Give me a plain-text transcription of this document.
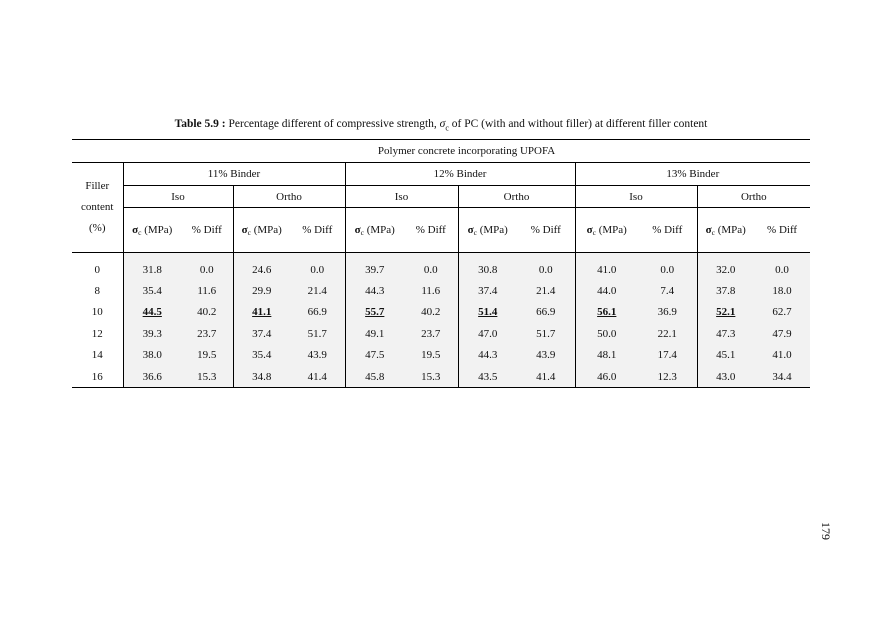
Table 5.9 : Percentage different of compressive strength, $\sigma_c$ of PC (with and without filler) at different filler content
	Polymer concrete incorporating UPOFA											

Filler
content
(%)	11% Binder				12% Binder				13% Binder			
	Iso		Ortho		Iso		Ortho		Iso		Ortho	
	$\sigma_c$ (MPa)	% Diff	$\sigma_c$ (MPa)	% Diff	$\sigma_c$ (MPa)	% Diff	$\sigma_c$ (MPa)	% Diff	$\sigma_c$ (MPa)	% Diff	$\sigma_c$ (MPa)	% Diff

0	31.8	0.0	24.6	0.0	39.7	0.0	30.8	0.0	41.0	0.0	32.0	0.0
8	35.4	11.6	29.9	21.4	44.3	11.6	37.4	21.4	44.0	7.4	37.8	18.0
10	44.5	40.2	41.1	66.9	55.7	40.2	51.4	66.9	56.1	36.9	52.1	62.7
12	39.3	23.7	37.4	51.7	49.1	23.7	47.0	51.7	50.0	22.1	47.3	47.9
14	38.0	19.5	35.4	43.9	47.5	19.5	44.3	43.9	48.1	17.4	45.1	41.0
16	36.6	15.3	34.8	41.4	45.8	15.3	43.5	41.4	46.0	12.3	43.0	34.4
179
